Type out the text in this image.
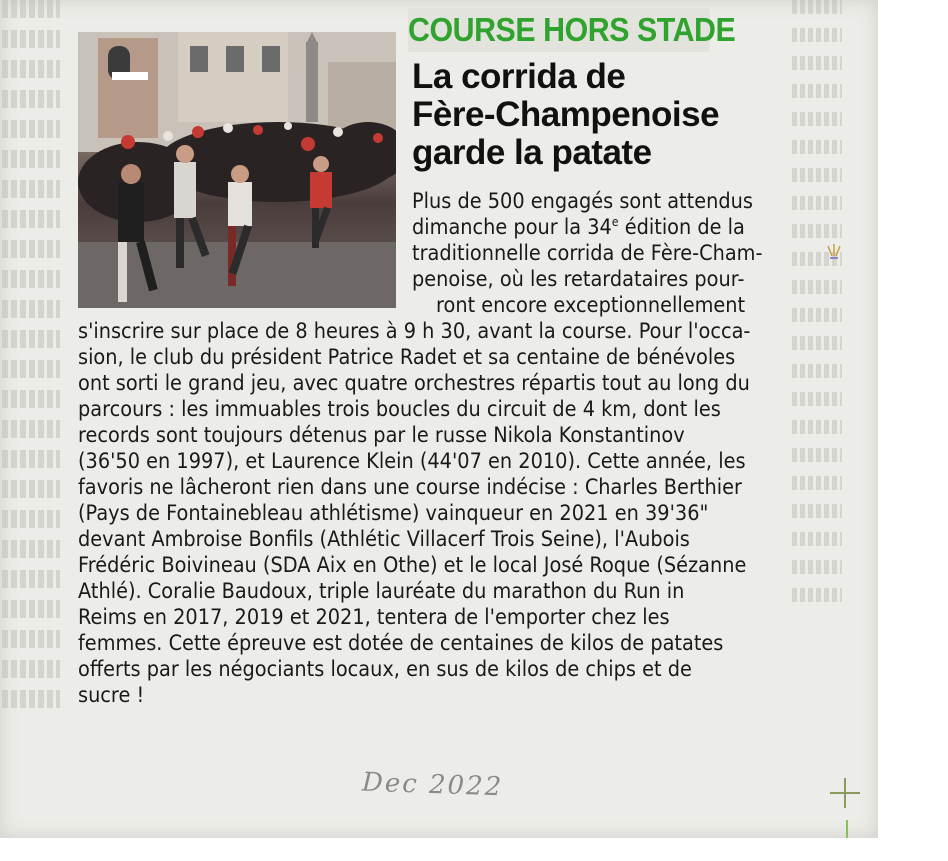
COURSE HORS STADE
La corrida de
Fère-Champenoise
garde la patate
Plus de 500 engagés sont attendus
dimanche pour la 34e édition de la
traditionnelle corrida de Fère-Cham-
penoise, où les retardataires pour-
ront encore exceptionnellement
s'inscrire sur place de 8 heures à 9 h 30, avant la course. Pour l'occa-
sion, le club du président Patrice Radet et sa centaine de bénévoles
ont sorti le grand jeu, avec quatre orchestres répartis tout au long du
parcours : les immuables trois boucles du circuit de 4 km, dont les
records sont toujours détenus par le russe Nikola Konstantinov
(36'50 en 1997), et Laurence Klein (44'07 en 2010). Cette année, les
favoris ne lâcheront rien dans une course indécise : Charles Berthier
(Pays de Fontainebleau athlétisme) vainqueur en 2021 en 39'36"
devant Ambroise Bonfils (Athlétic Villacerf Trois Seine), l'Aubois
Frédéric Boivineau (SDA Aix en Othe) et le local José Roque (Sézanne
Athlé). Coralie Baudoux, triple lauréate du marathon du Run in
Reims en 2017, 2019 et 2021, tentera de l'emporter chez les
femmes. Cette épreuve est dotée de centaines de kilos de patates
offerts par les négociants locaux, en sus de kilos de chips et de
sucre !
Dec 2022
